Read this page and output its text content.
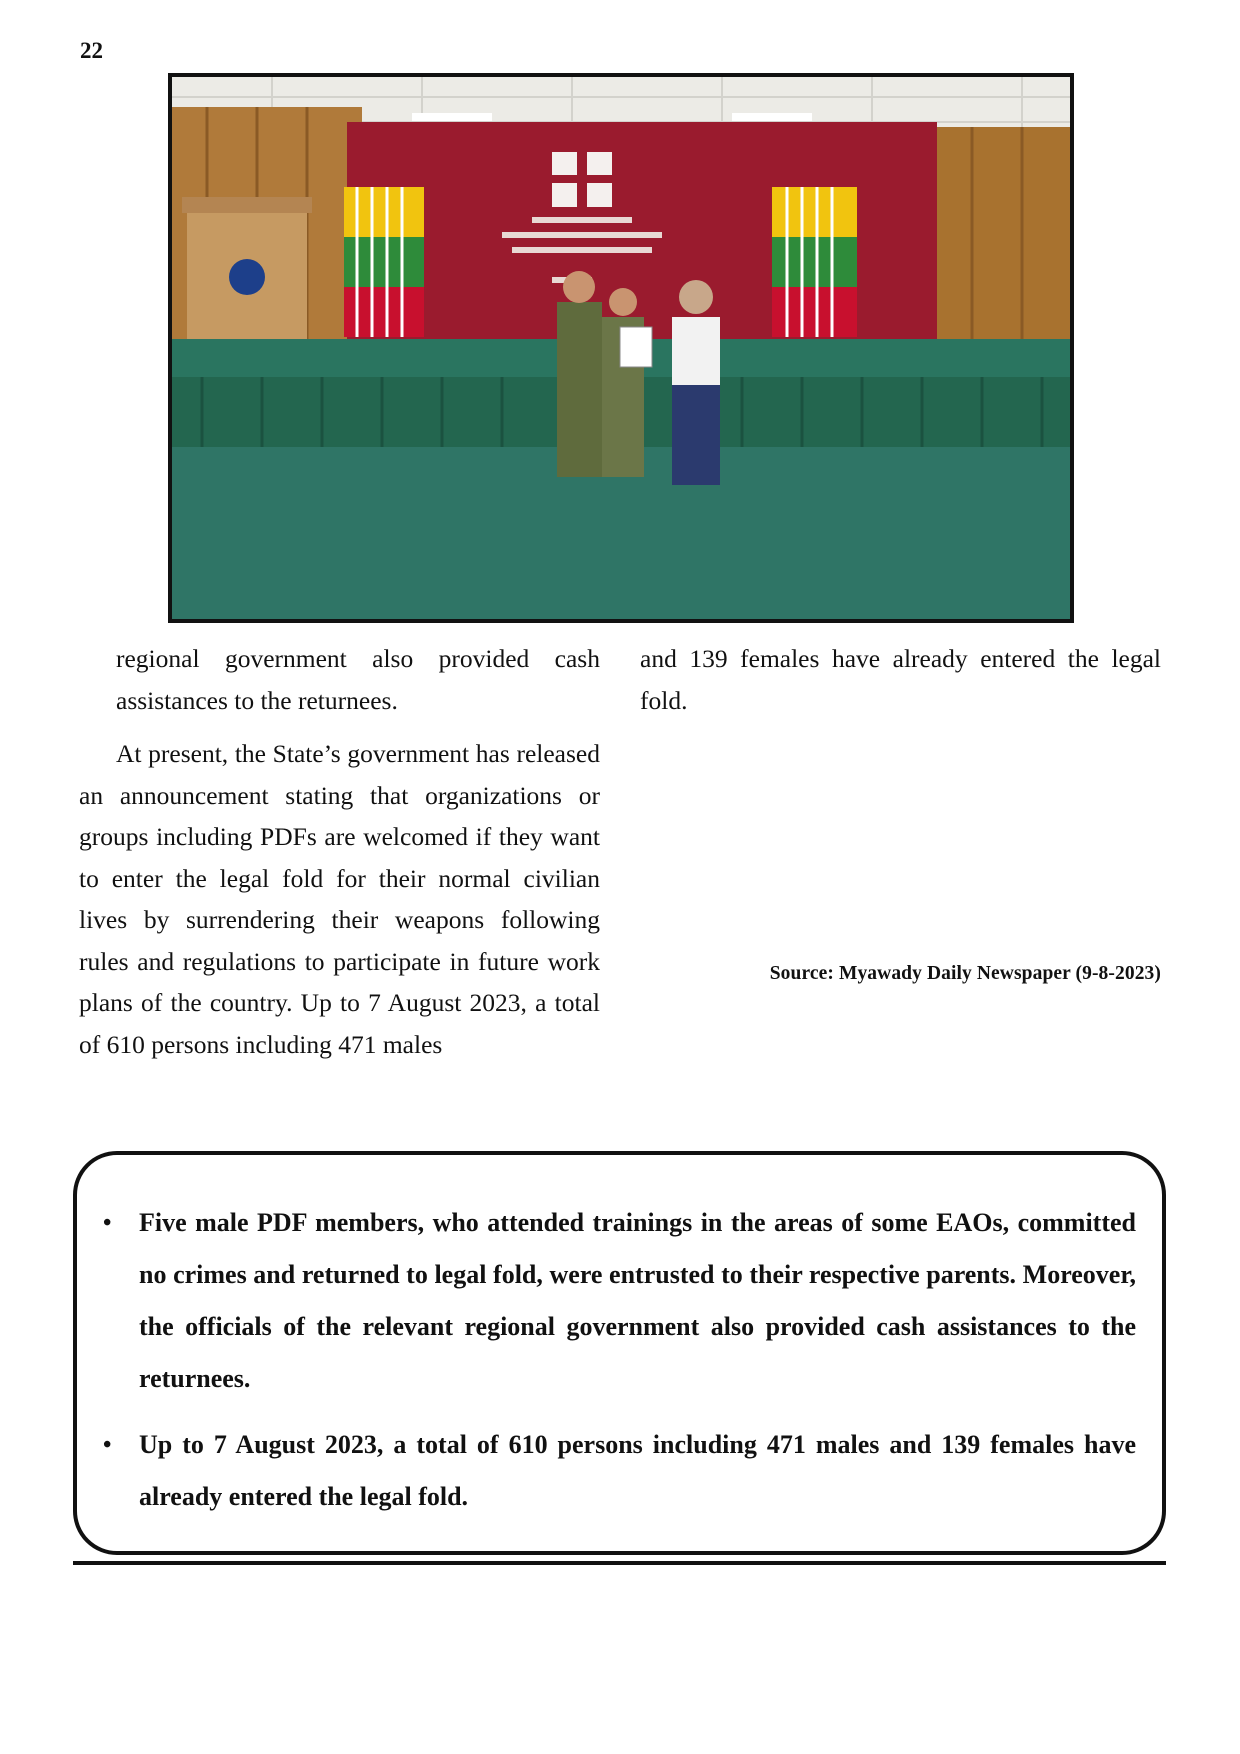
22

regional government also provided cash assistances to the returnees.

At present, the State’s government has released an announcement stating that organizations or groups including PDFs are welcomed if they want to enter the legal fold for their normal civilian lives by surrendering their weapons following rules and regulations to participate in future work plans of the country. Up to 7 August 2023, a total of 610 persons including 471 males

and 139 females have already entered the legal fold.

Source: Myawady Daily Newspaper (9-8-2023)
• Five male PDF members, who attended trainings in the areas of some EAOs, committed no crimes and returned to legal fold, were entrusted to their respective parents. Moreover, the officials of the relevant regional government also provided cash assistances to the returnees.
• Up to 7 August 2023, a total of 610 persons including 471 males and 139 females have already entered the legal fold.
